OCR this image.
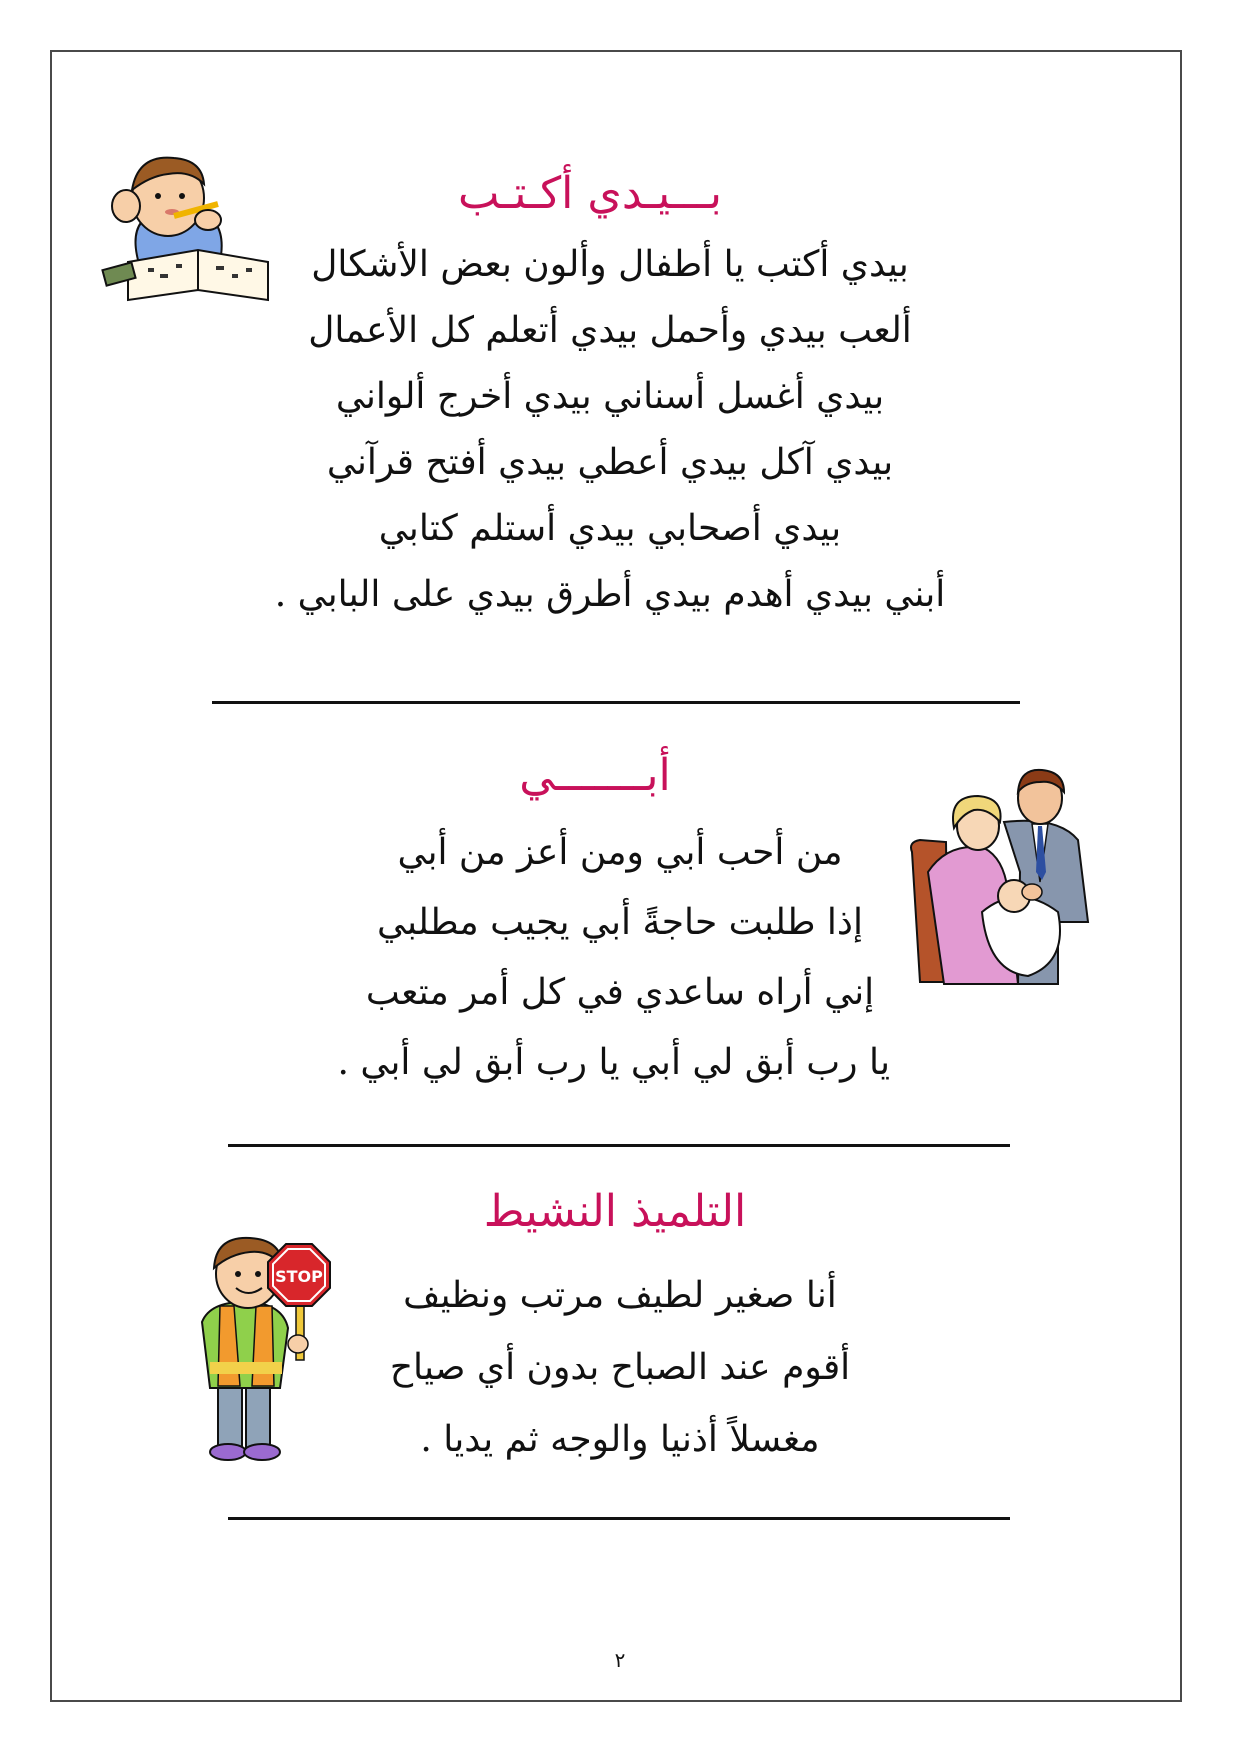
بـــيـدي أكـتـب
بيدي أكتب يا أطفال وألون بعض الأشكال
ألعب بيدي وأحمل بيدي أتعلم كل الأعمال
بيدي أغسل أسناني بيدي أخرج ألواني
بيدي آكل بيدي أعطي بيدي أفتح قرآني
بيدي أصحابي بيدي أستلم كتابي
أبني بيدي أهدم بيدي أطرق بيدي على البابي .
أبـــــــي
من أحب أبي ومن أعز من أبي
إذا طلبت حاجةً أبي يجيب مطلبي
إني أراه ساعدي في كل أمر متعب
يا رب أبق لي أبي يا رب أبق لي أبي .
التلميذ النشيط
أنا صغير لطيف مرتب ونظيف
أقوم عند الصباح بدون أي صياح
مغسلاً أذنيا والوجه ثم يديا .
STOP
٢
